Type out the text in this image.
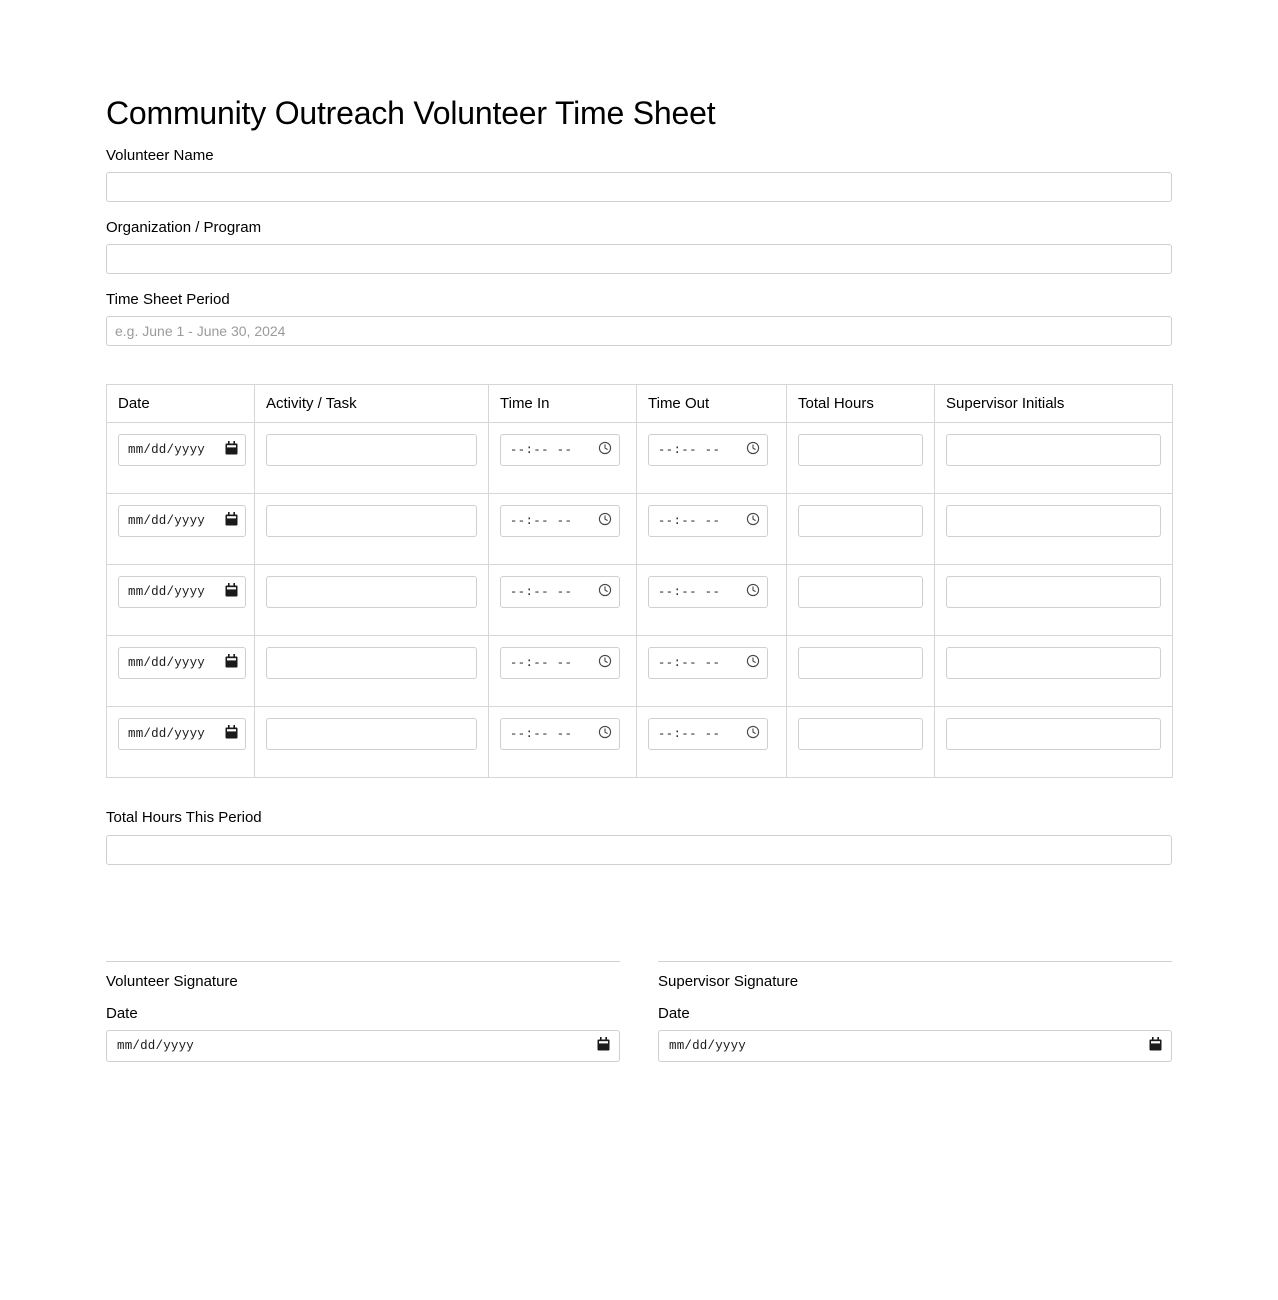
Community Outreach Volunteer Time Sheet
Volunteer Name
Organization / Program
Time Sheet Period
e.g. June 1 - June 30, 2024
Date	Activity / Task	Time In	Time Out	Total Hours	Supervisor Initials

mm/dd/yyyy		--:-- --	--:-- --

mm/dd/yyyy		--:-- --	--:-- --

mm/dd/yyyy		--:-- --	--:-- --

mm/dd/yyyy		--:-- --	--:-- --

mm/dd/yyyy		--:-- --	--:-- --

Total Hours This Period
Volunteer Signature
Date
mm/dd/yyyy
Supervisor Signature
Date
mm/dd/yyyy
